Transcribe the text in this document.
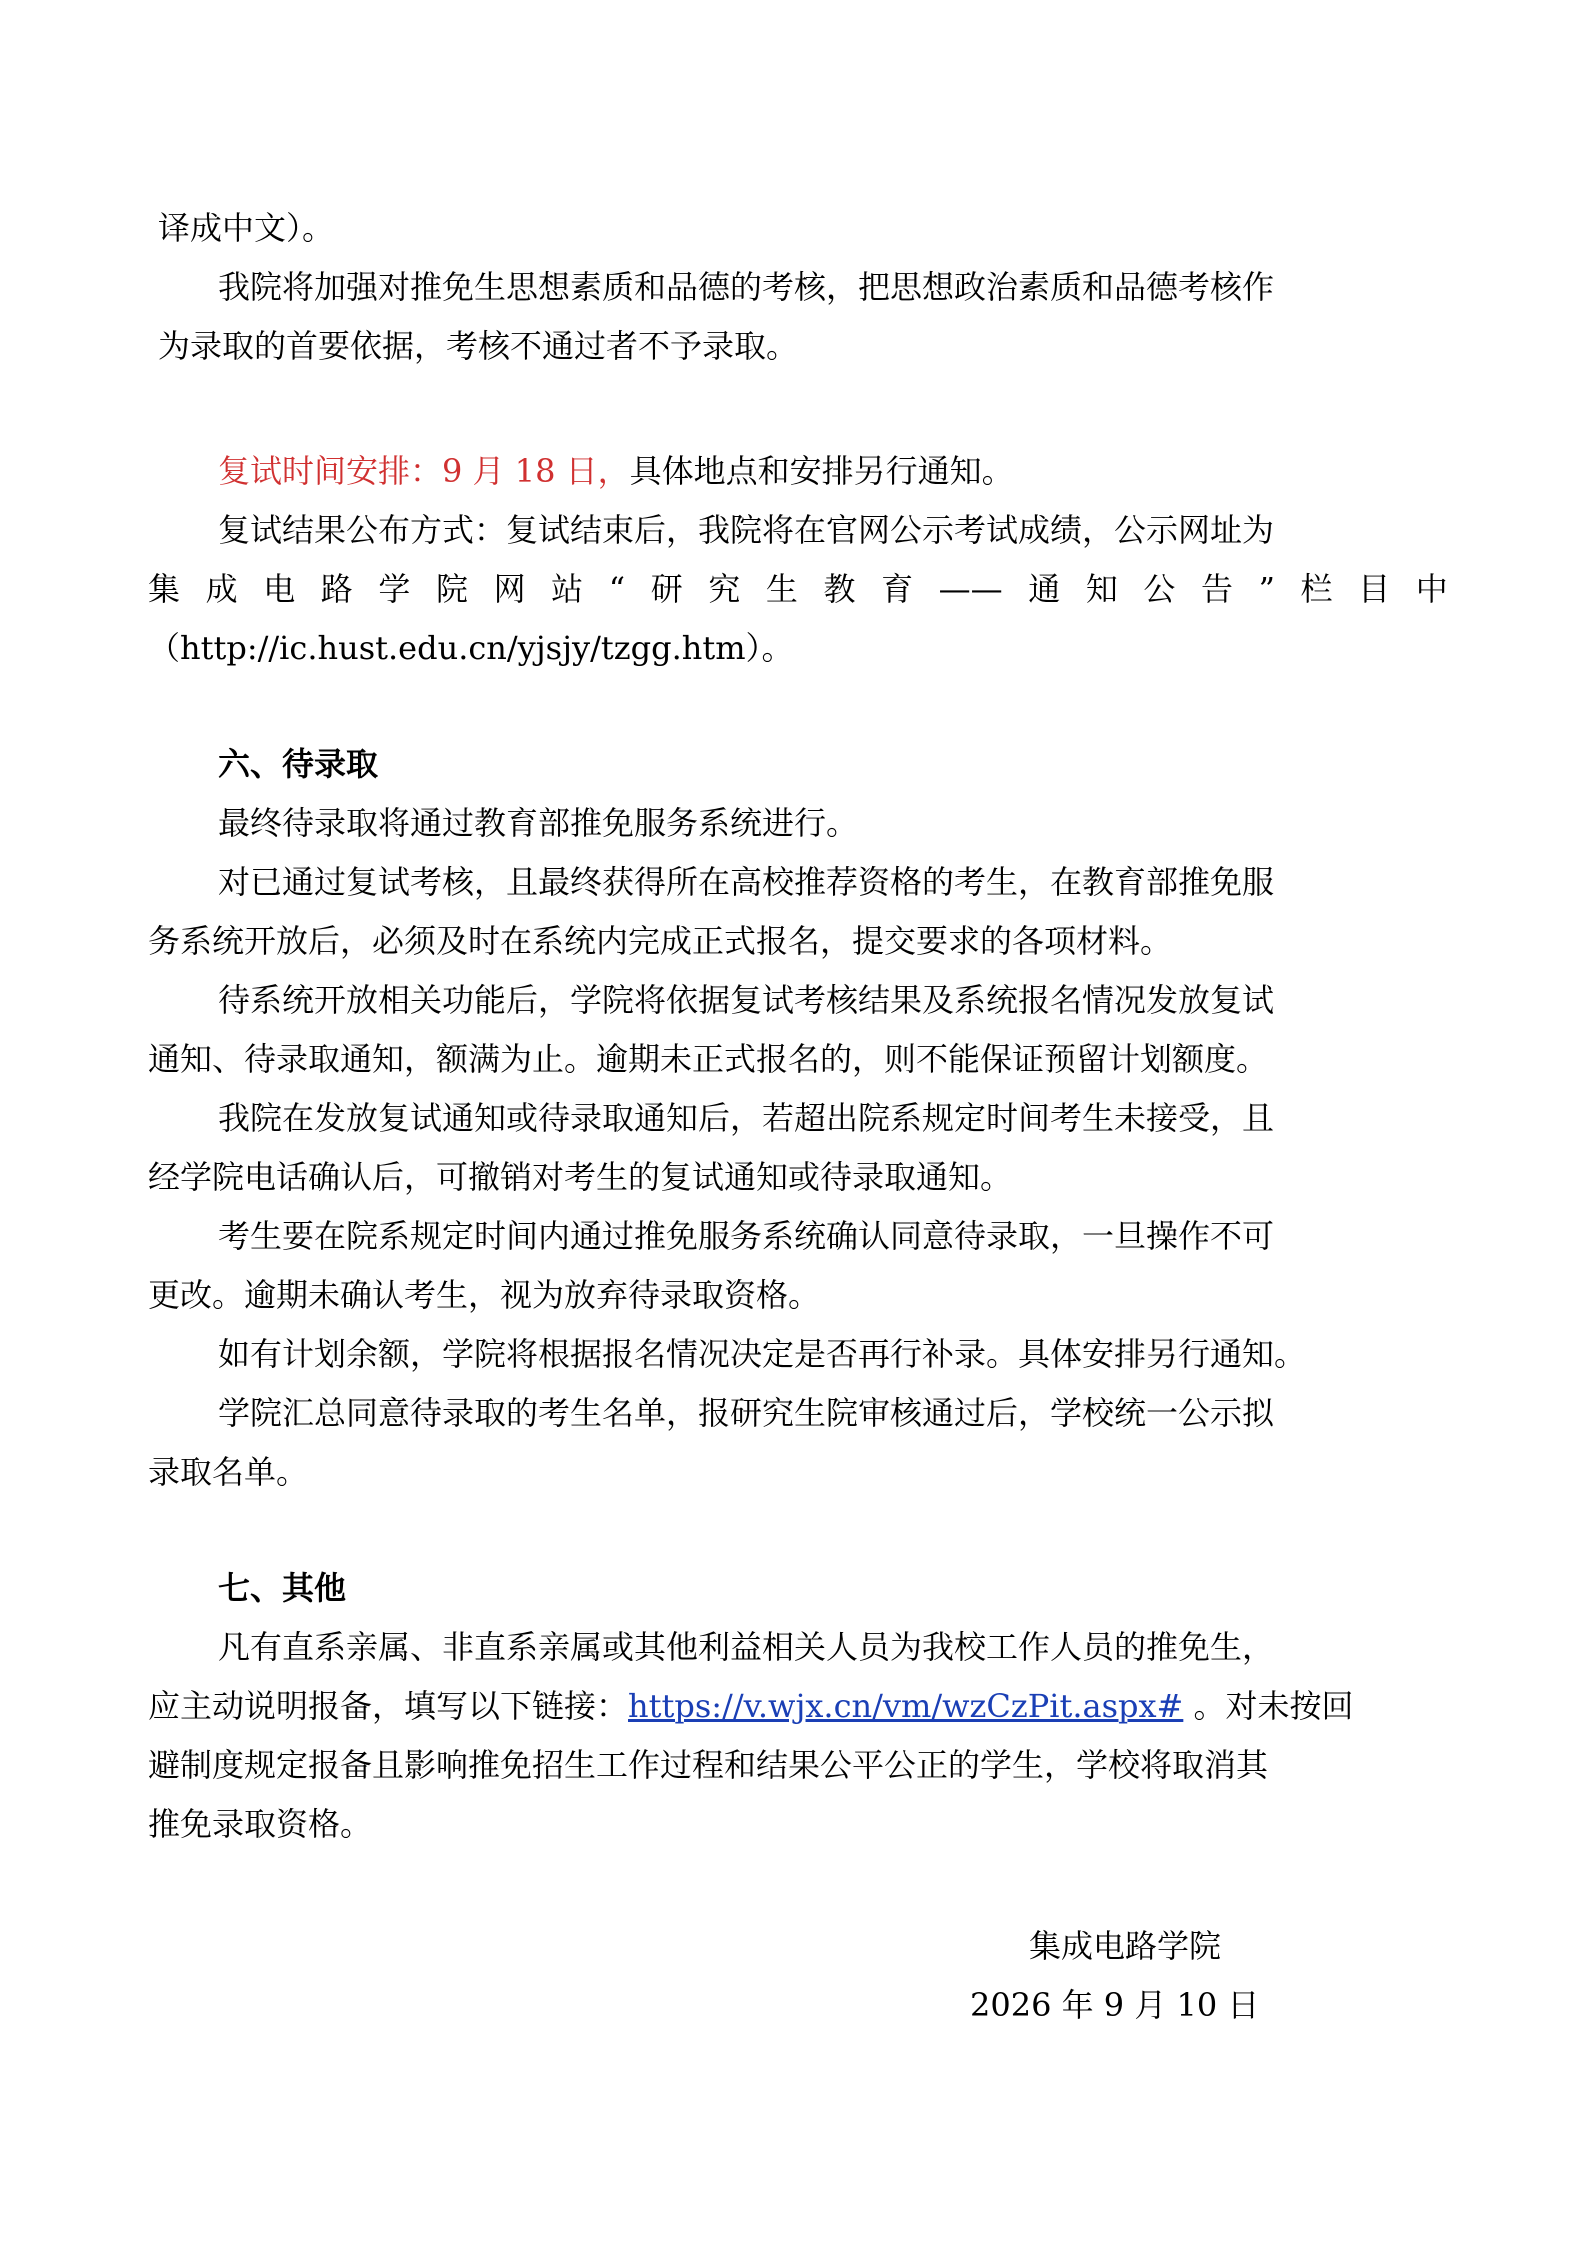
译成中文）。
我院将加强对推免生思想素质和品德的考核，把思想政治素质和品德考核作
为录取的首要依据，考核不通过者不予录取。
复试时间安排：9 月 18 日，具体地点和安排另行通知。
复试结果公布方式：复试结束后，我院将在官网公示考试成绩，公示网址为
集 成 电 路 学 院 网 站 “ 研 究 生 教 育 —— 通 知 公 告 ” 栏 目 中
（http://ic.hust.edu.cn/yjsjy/tzgg.htm）。
六、待录取
最终待录取将通过教育部推免服务系统进行。
对已通过复试考核，且最终获得所在高校推荐资格的考生，在教育部推免服
务系统开放后，必须及时在系统内完成正式报名，提交要求的各项材料。
待系统开放相关功能后，学院将依据复试考核结果及系统报名情况发放复试
通知、待录取通知，额满为止。逾期未正式报名的，则不能保证预留计划额度。
我院在发放复试通知或待录取通知后，若超出院系规定时间考生未接受，且
经学院电话确认后，可撤销对考生的复试通知或待录取通知。
考生要在院系规定时间内通过推免服务系统确认同意待录取，一旦操作不可
更改。逾期未确认考生，视为放弃待录取资格。
如有计划余额，学院将根据报名情况决定是否再行补录。具体安排另行通知。
学院汇总同意待录取的考生名单，报研究生院审核通过后，学校统一公示拟
录取名单。
七、其他
凡有直系亲属、非直系亲属或其他利益相关人员为我校工作人员的推免生，
应主动说明报备，填写以下链接：https://v.wjx.cn/vm/wzCzPit.aspx# 。对未按回
避制度规定报备且影响推免招生工作过程和结果公平公正的学生，学校将取消其
推免录取资格。
集成电路学院
2026 年 9 月 10 日
